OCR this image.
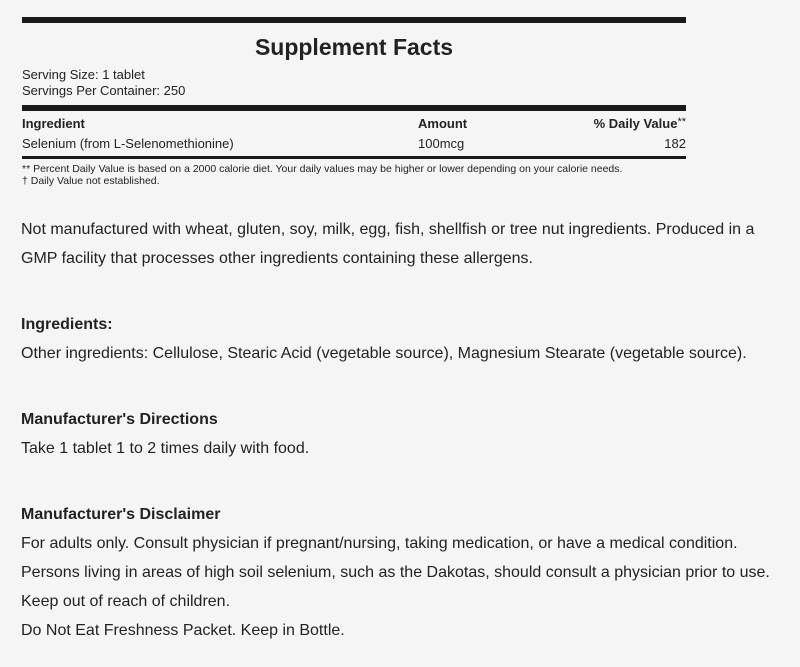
Supplement Facts
Serving Size: 1 tablet
Servings Per Container: 250
Ingredient	Amount	% Daily Value**
Selenium (from L-Selenomethionine)	100mcg	182
** Percent Daily Value is based on a 2000 calorie diet. Your daily values may be higher or lower depending on your calorie needs.
† Daily Value not established.
Not manufactured with wheat, gluten, soy, milk, egg, fish, shellfish or tree nut ingredients. Produced in a
GMP facility that processes other ingredients containing these allergens.
Ingredients:
Other ingredients: Cellulose, Stearic Acid (vegetable source), Magnesium Stearate (vegetable source).
Manufacturer's Directions
Take 1 tablet 1 to 2 times daily with food.
Manufacturer's Disclaimer
For adults only. Consult physician if pregnant/nursing, taking medication, or have a medical condition.
Persons living in areas of high soil selenium, such as the Dakotas, should consult a physician prior to use.
Keep out of reach of children.
Do Not Eat Freshness Packet. Keep in Bottle.
